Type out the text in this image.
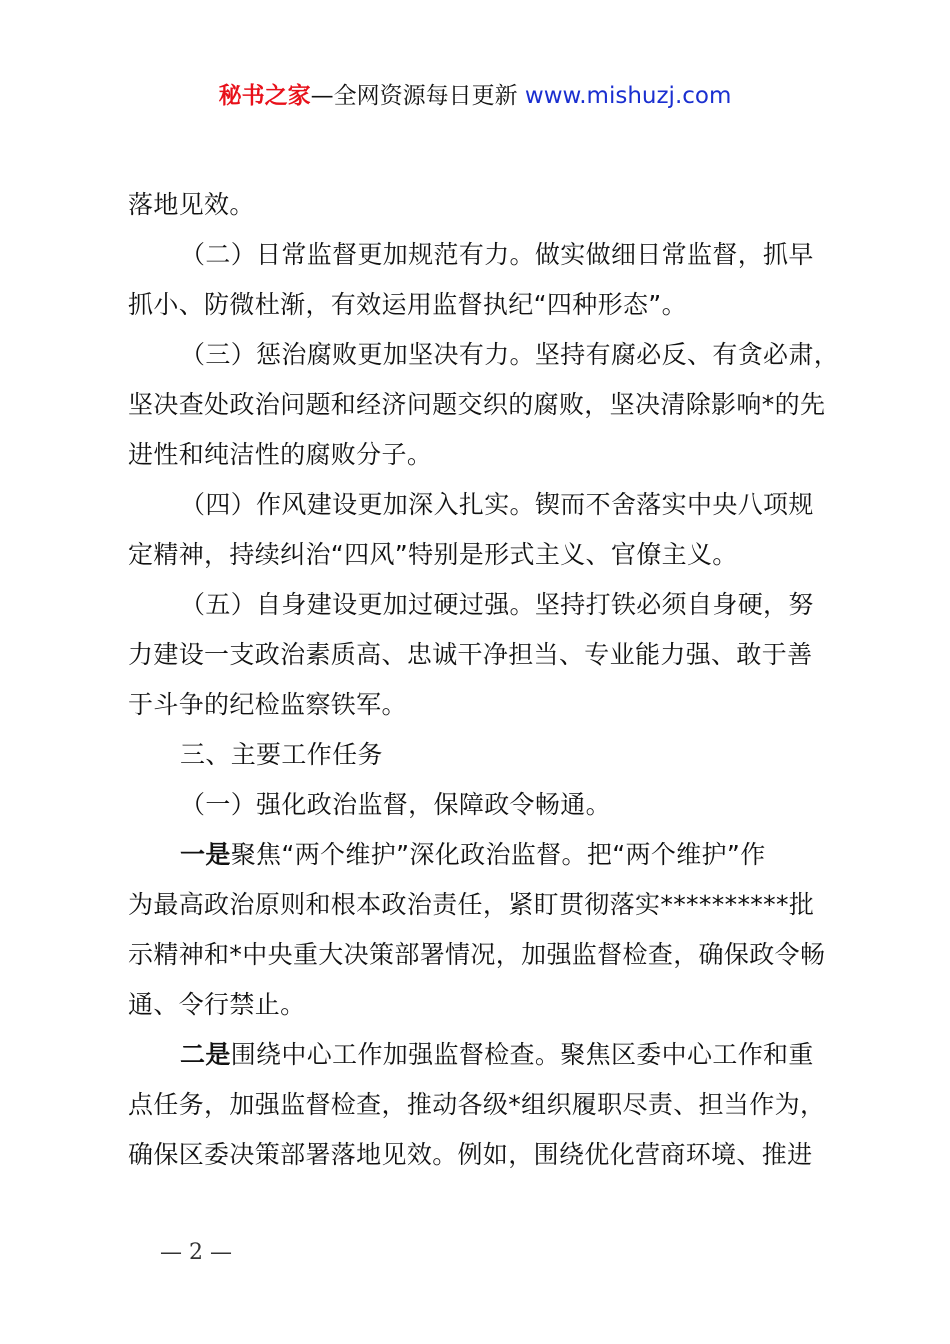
秘书之家—全网资源每日更新 www.mishuzj.com
落地见效。
（二）日常监督更加规范有力。做实做细日常监督，抓早
抓小、防微杜渐，有效运用监督执纪“四种形态”。
（三）惩治腐败更加坚决有力。坚持有腐必反、有贪必肃，
坚决查处政治问题和经济问题交织的腐败，坚决清除影响*的先
进性和纯洁性的腐败分子。
（四）作风建设更加深入扎实。锲而不舍落实中央八项规
定精神，持续纠治“四风”特别是形式主义、官僚主义。
（五）自身建设更加过硬过强。坚持打铁必须自身硬，努
力建设一支政治素质高、忠诚干净担当、专业能力强、敢于善
于斗争的纪检监察铁军。
三、主要工作任务
（一）强化政治监督，保障政令畅通。
一是聚焦“两个维护”深化政治监督。把“两个维护”作
为最高政治原则和根本政治责任，紧盯贯彻落实**********批
示精神和*中央重大决策部署情况，加强监督检查，确保政令畅
通、令行禁止。
二是围绕中心工作加强监督检查。聚焦区委中心工作和重
点任务，加强监督检查，推动各级*组织履职尽责、担当作为，
确保区委决策部署落地见效。例如，围绕优化营商环境、推进
— 2 —
